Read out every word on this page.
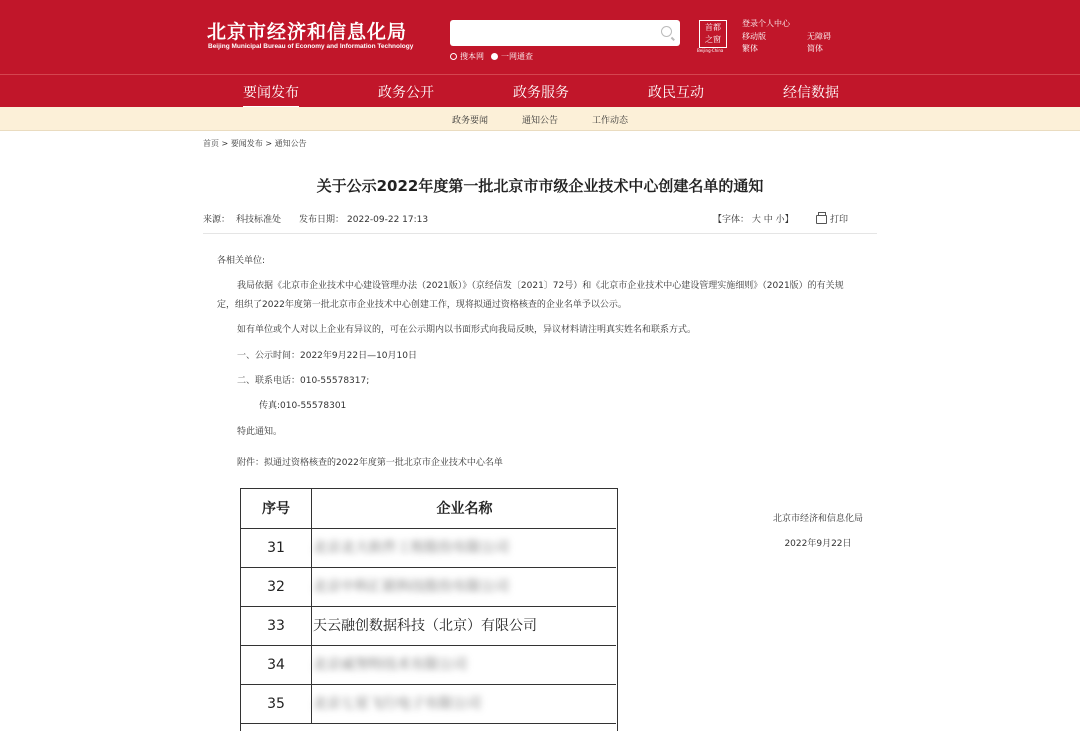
北京市经济和信息化局
Beijing Municipal Bureau of Economy and Information Technology
搜本网	一网通查
首都之窗
Beijing·China
登录个人中心
移动版	无障碍
繁体	简体
要闻发布	政务公开	政务服务	政民互动	经信数据
政务要闻	通知公告	工作动态
首页 > 要闻发布 > 通知公告
关于公示2022年度第一批北京市市级企业技术中心创建名单的通知
来源： 科技标准处 发布日期： 2022-09-22 17:13	【字体： 大 中 小】	打印
各相关单位:
我局依据《北京市企业技术中心建设管理办法（2021版）》（京经信发〔2021〕72号）和《北京市企业技术中心建设管理实施细则》（2021版）的有关规
定，组织了2022年度第一批北京市企业技术中心创建工作，现将拟通过资格核查的企业名单予以公示。
如有单位或个人对以上企业有异议的，可在公示期内以书面形式向我局反映，异议材料请注明真实姓名和联系方式。
一、公示时间：2022年9月22日—10月10日
二、联系电话：010-55578317;
传真:010-55578301
特此通知。
附件：拟通过资格核查的2022年度第一批北京市企业技术中心名单
北京市经济和信息化局
2022年9月22日
序号	企业名称
31	北京北大软件工程股份有限公司
32	北京中科汇联科技股份有限公司
33	天云融创数据科技（北京）有限公司
34	北京威努特技术有限公司
35	北京七星飞行电子有限公司
